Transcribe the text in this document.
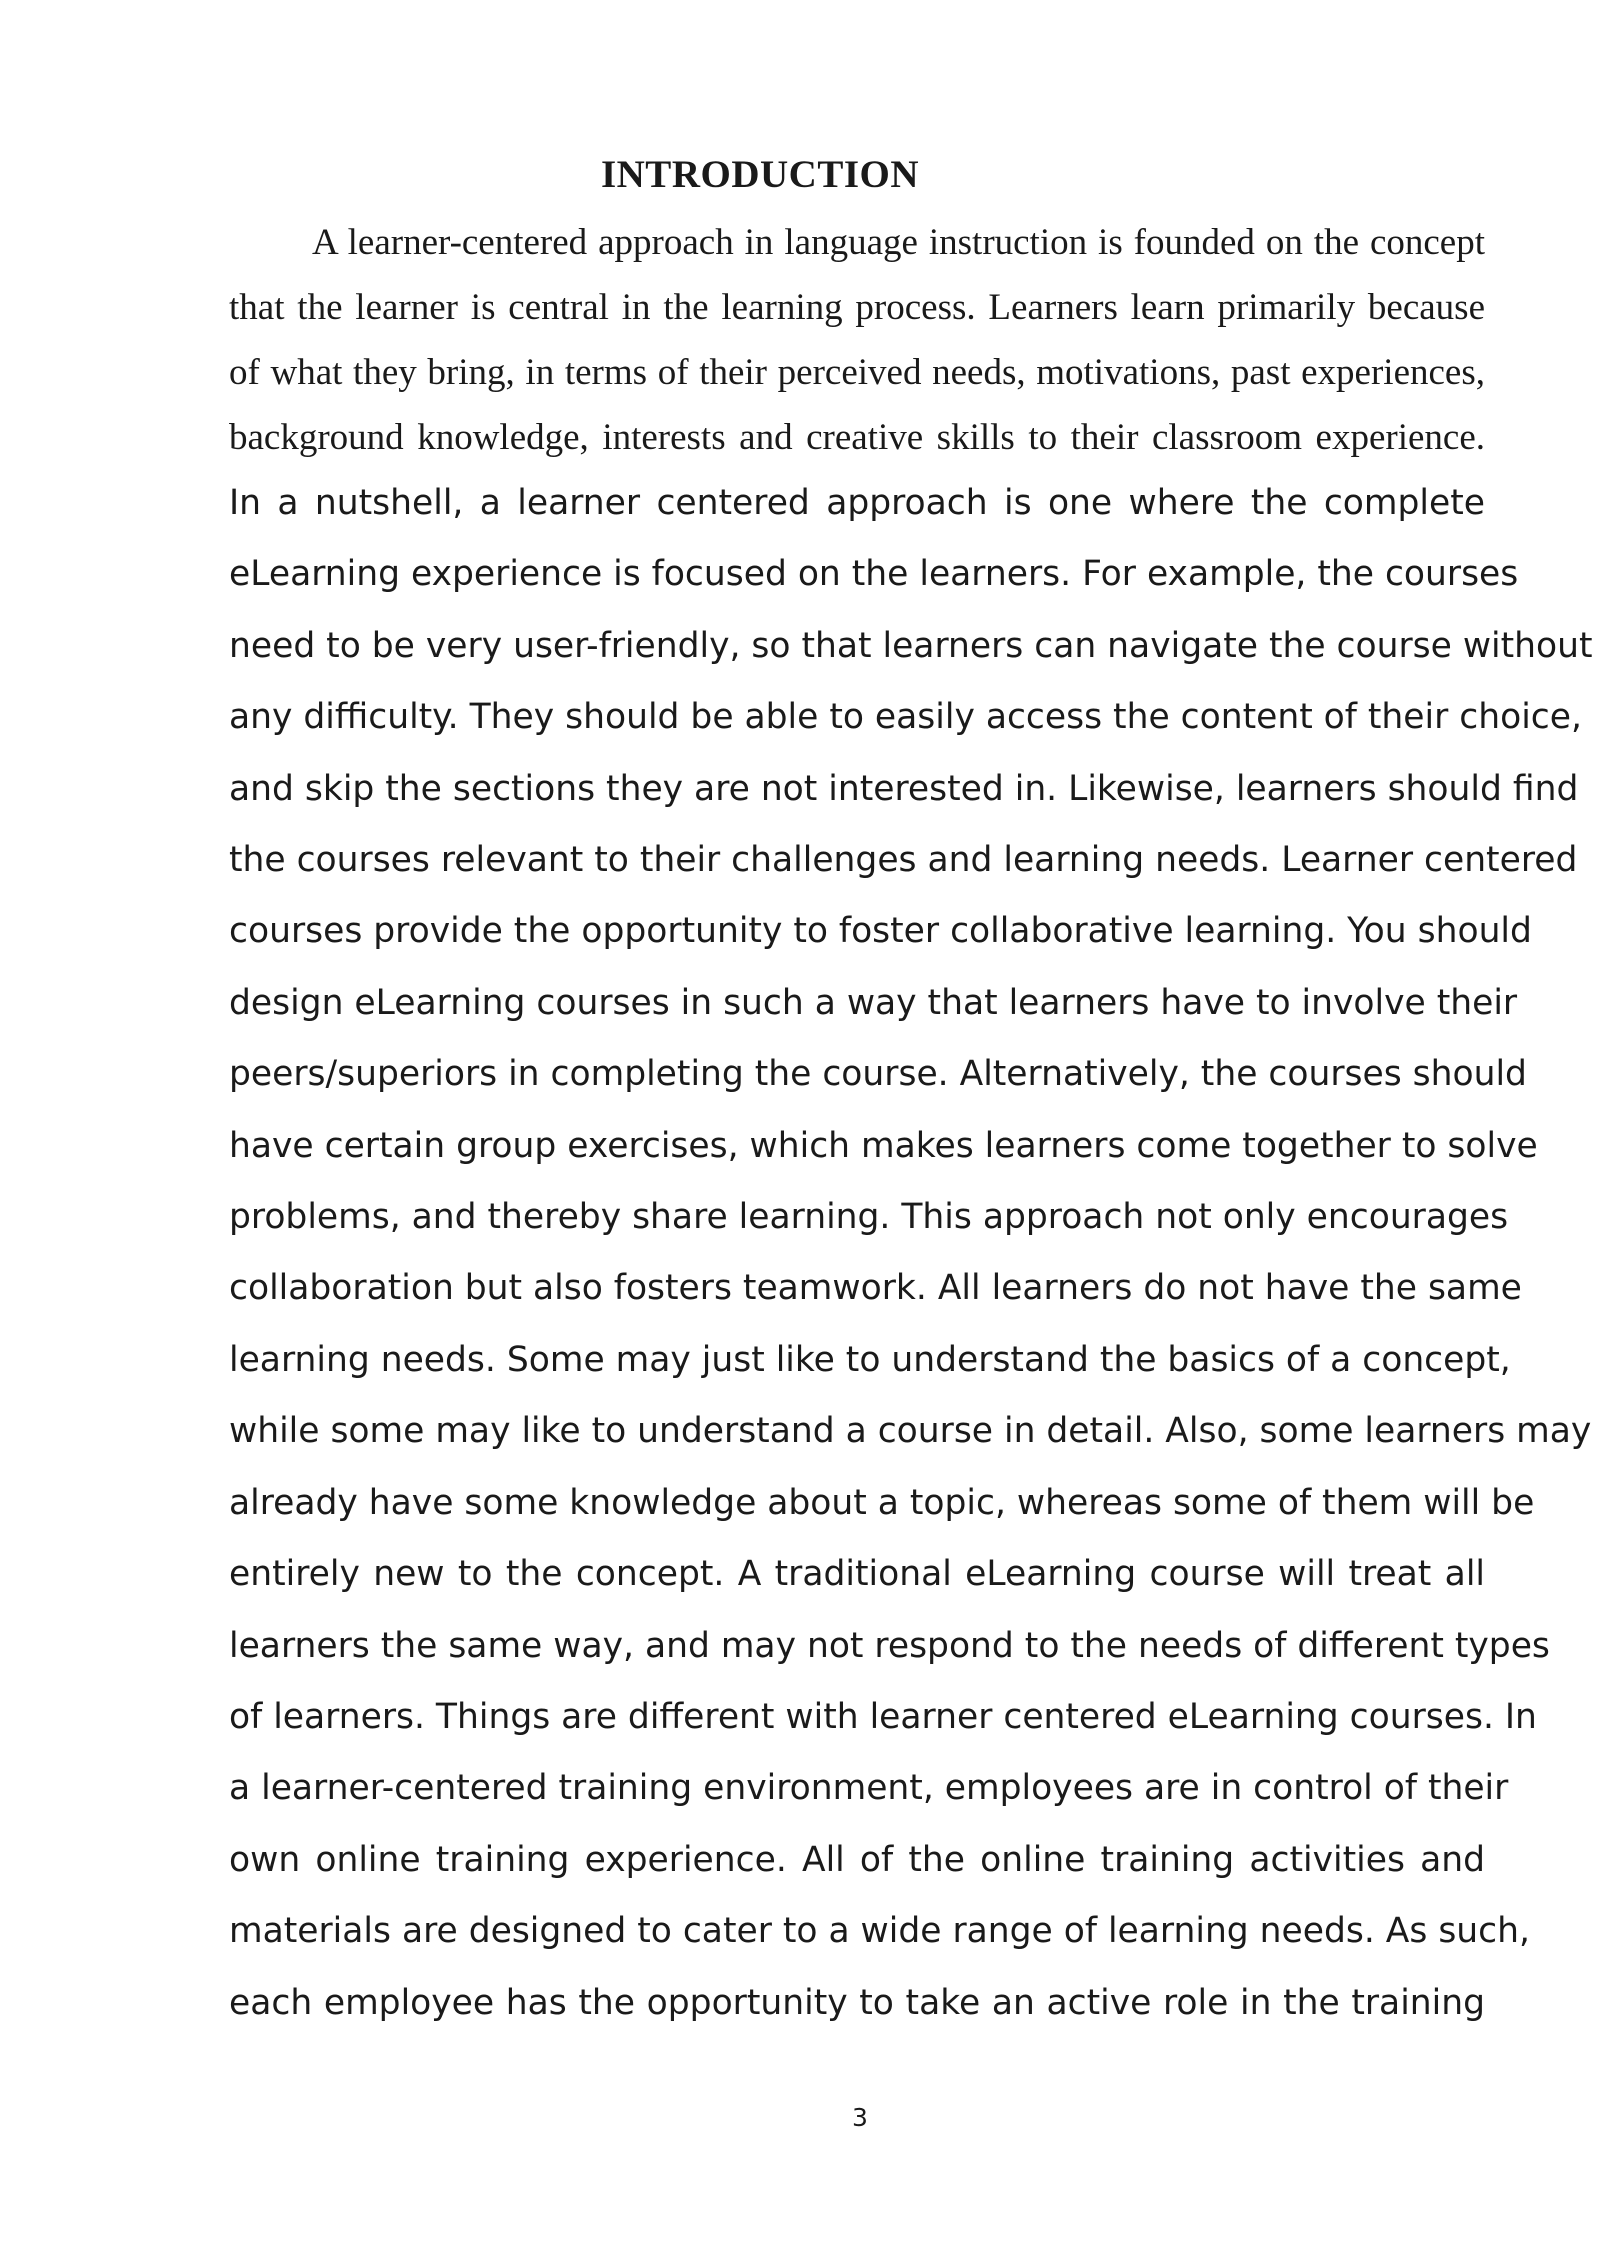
INTRODUCTION

A learner-centered approach in language instruction is founded on the concept
that the learner is central in the learning process. Learners learn primarily because
of what they bring, in terms of their perceived needs, motivations, past experiences,
background knowledge, interests and creative skills to their classroom experience.

In a nutshell, a learner centered approach is one where the complete
eLearning experience is focused on the learners. For example, the courses
need to be very user-friendly, so that learners can navigate the course without
any difficulty. They should be able to easily access the content of their choice,
and skip the sections they are not interested in. Likewise, learners should find
the courses relevant to their challenges and learning needs. Learner centered
courses provide the opportunity to foster collaborative learning. You should
design eLearning courses in such a way that learners have to involve their
peers/superiors in completing the course. Alternatively, the courses should
have certain group exercises, which makes learners come together to solve
problems, and thereby share learning. This approach not only encourages
collaboration but also fosters teamwork. All learners do not have the same
learning needs. Some may just like to understand the basics of a concept,
while some may like to understand a course in detail. Also, some learners may
already have some knowledge about a topic, whereas some of them will be
entirely new to the concept. A traditional eLearning course will treat all
learners the same way, and may not respond to the needs of different types
of learners. Things are different with learner centered eLearning courses. In
a learner-centered training environment, employees are in control of their
own online training experience. All of the online training activities and
materials are designed to cater to a wide range of learning needs. As such,
each employee has the opportunity to take an active role in the training

3
